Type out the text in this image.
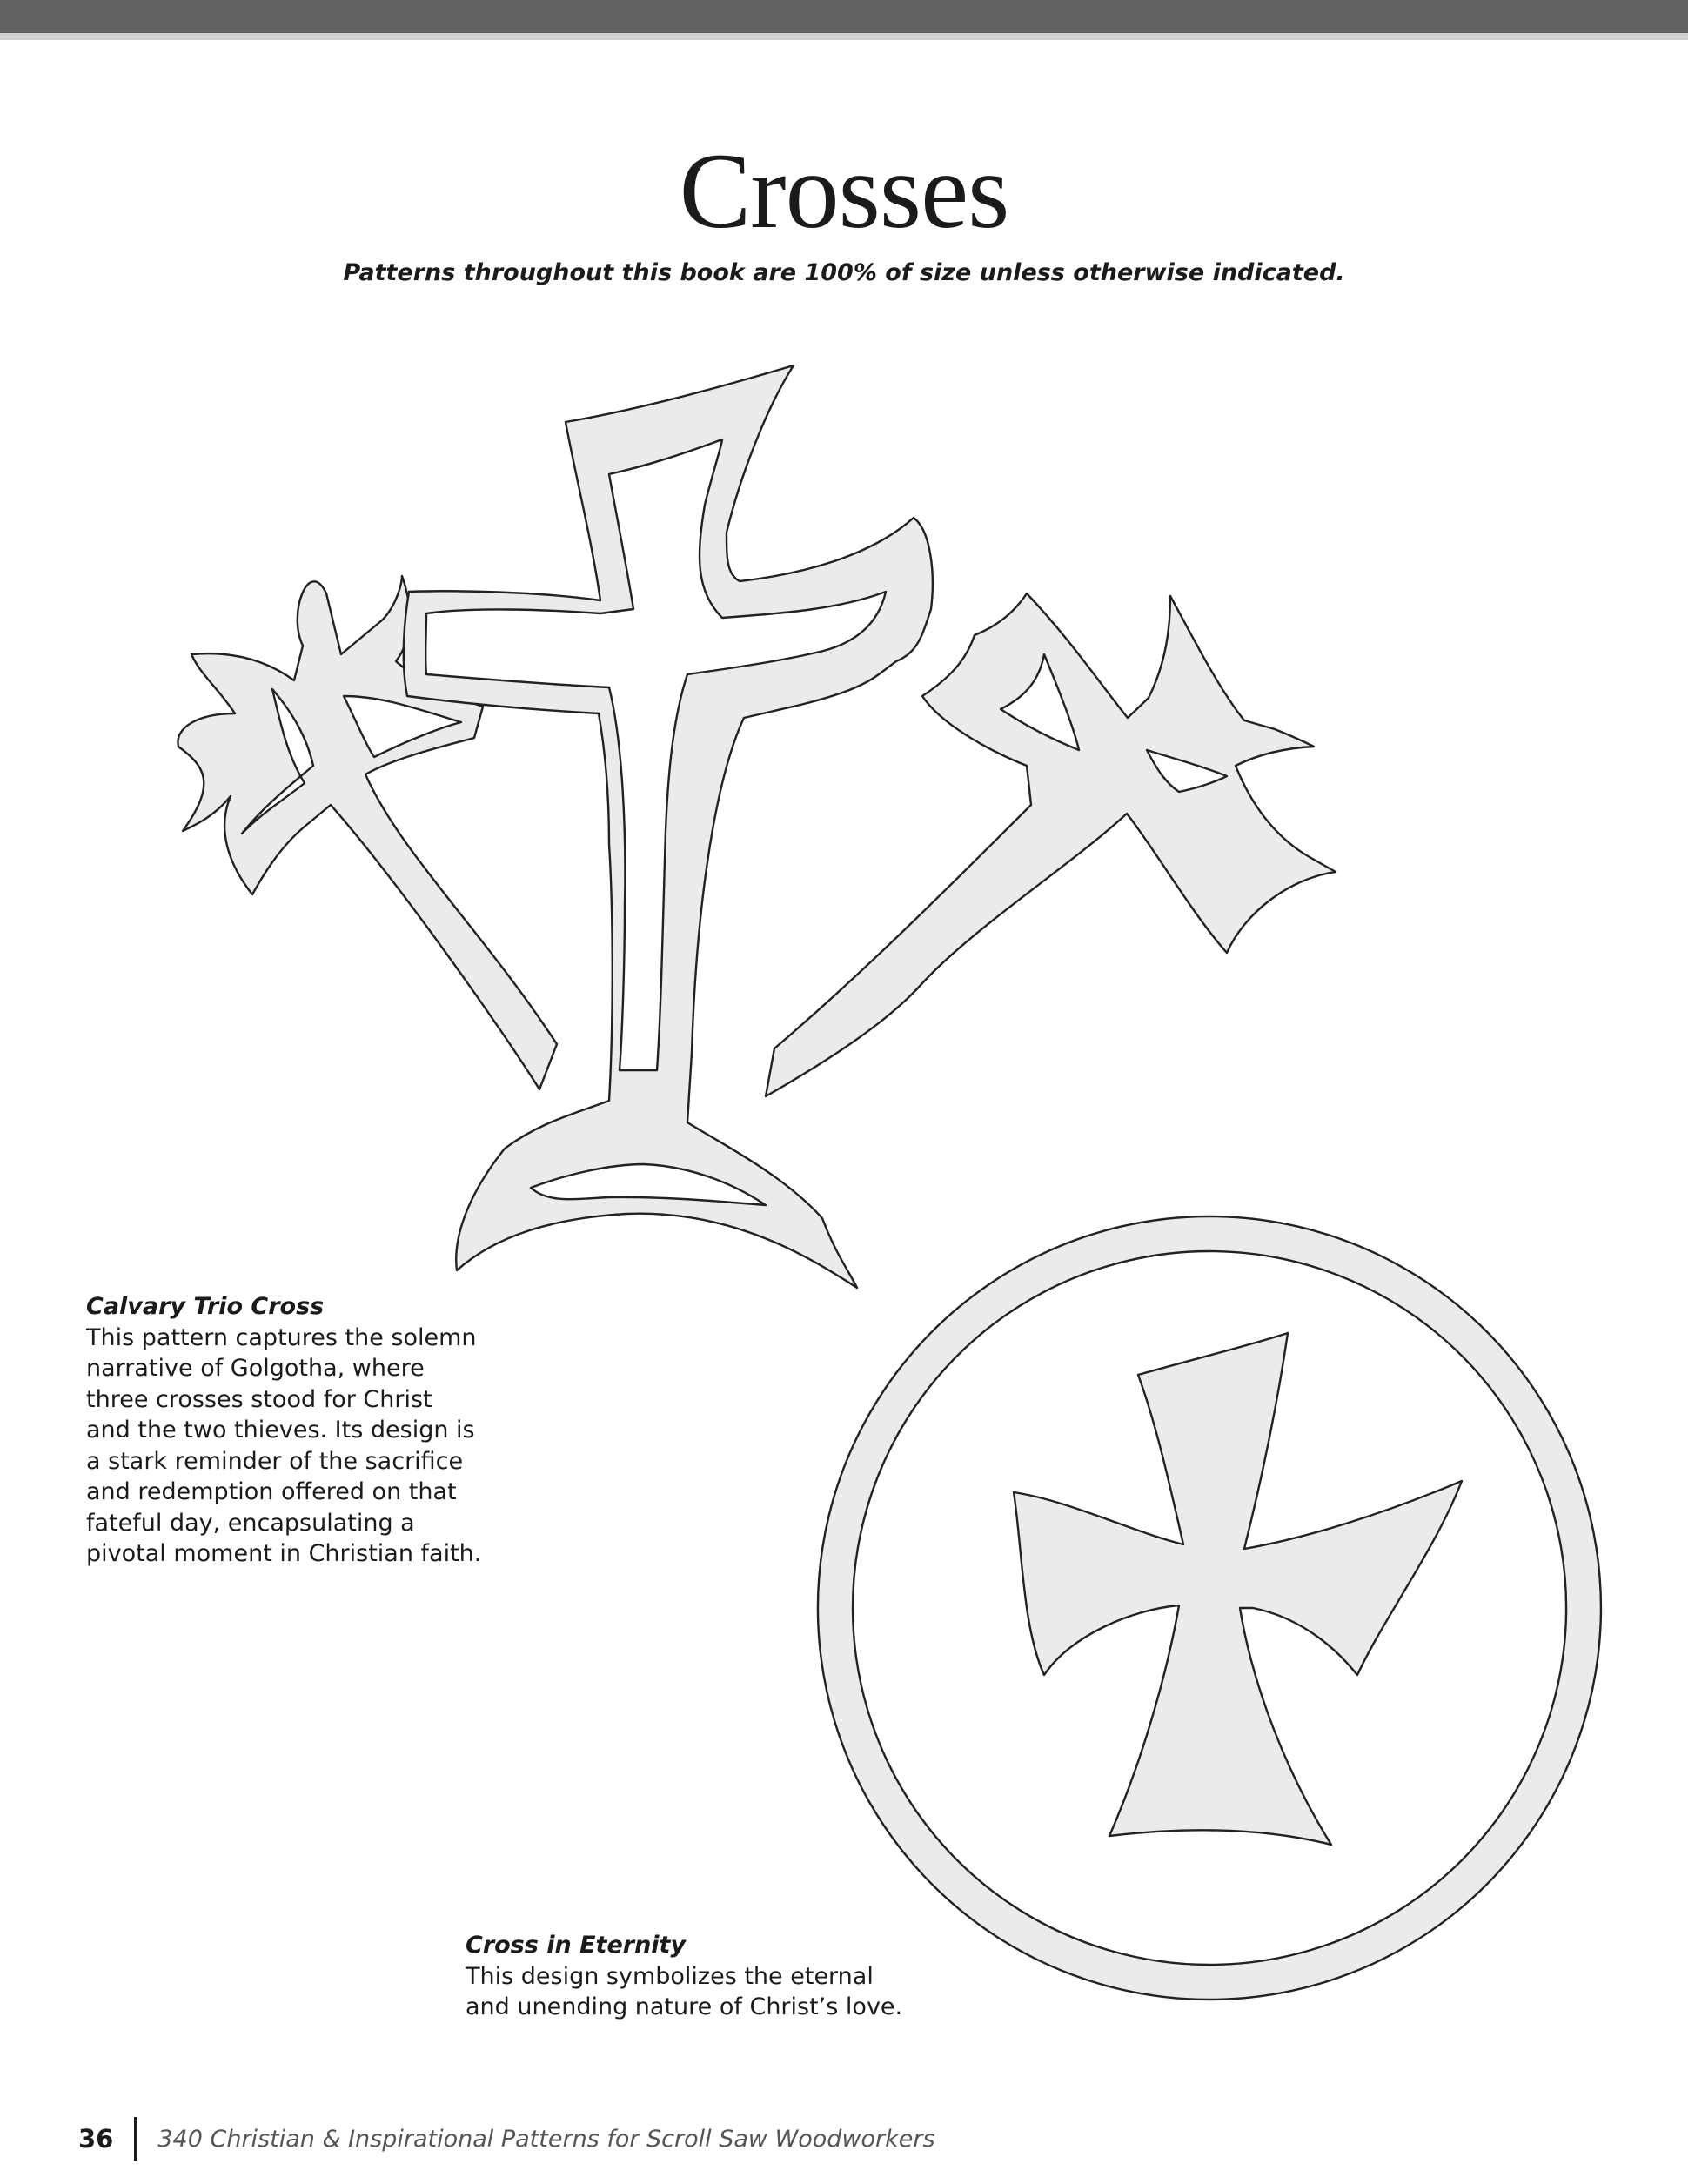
Crosses
Patterns throughout this book are 100% of size unless otherwise indicated.
Calvary Trio Cross
This pattern captures the solemn
narrative of Golgotha, where
three crosses stood for Christ
and the two thieves. Its design is
a stark reminder of the sacrifice
and redemption offered on that
fateful day, encapsulating a
pivotal moment in Christian faith.
Cross in Eternity
This design symbolizes the eternal
and unending nature of Christ’s love.
36 340 Christian & Inspirational Patterns for Scroll Saw Woodworkers
